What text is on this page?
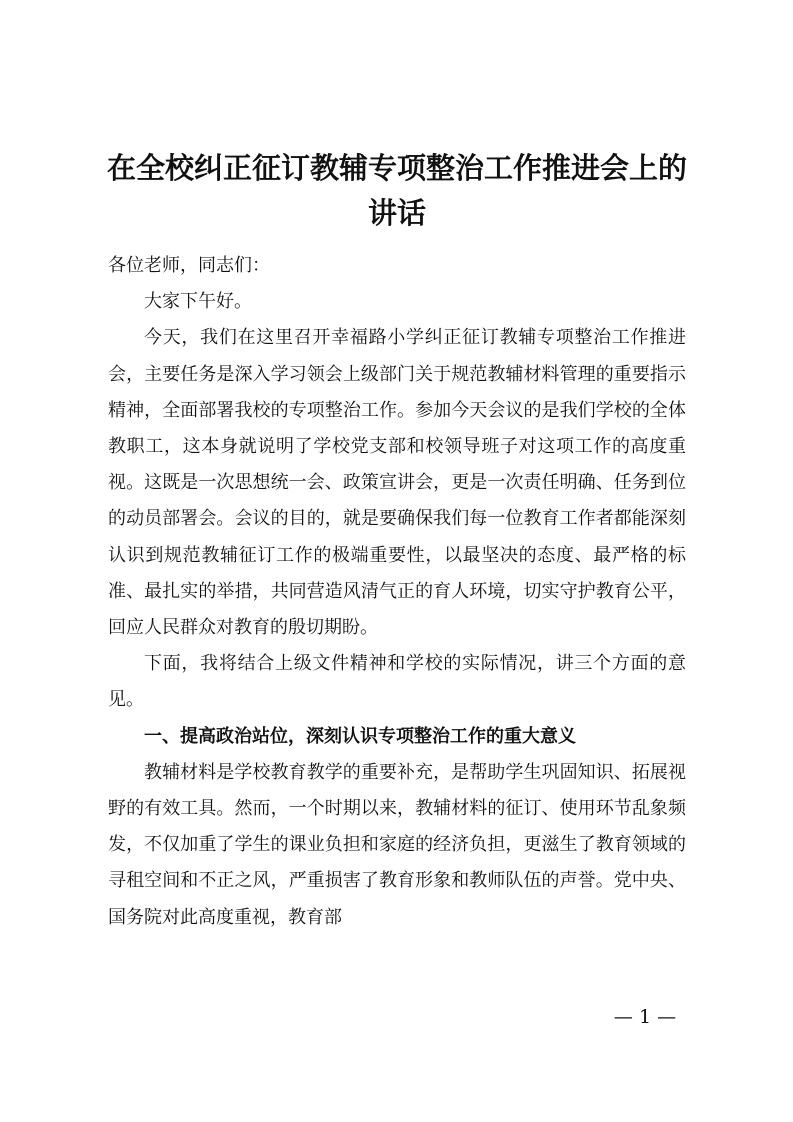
在全校纠正征订教辅专项整治工作推进会上的讲话

各位老师，同志们：

大家下午好。

今天，我们在这里召开幸福路小学纠正征订教辅专项整治工作推进会，主要任务是深入学习领会上级部门关于规范教辅材料管理的重要指示精神，全面部署我校的专项整治工作。参加今天会议的是我们学校的全体教职工，这本身就说明了学校党支部和校领导班子对这项工作的高度重视。这既是一次思想统一会、政策宣讲会，更是一次责任明确、任务到位的动员部署会。会议的目的，就是要确保我们每一位教育工作者都能深刻认识到规范教辅征订工作的极端重要性，以最坚决的态度、最严格的标准、最扎实的举措，共同营造风清气正的育人环境，切实守护教育公平，回应人民群众对教育的殷切期盼。

下面，我将结合上级文件精神和学校的实际情况，讲三个方面的意见。

一、提高政治站位，深刻认识专项整治工作的重大意义

教辅材料是学校教育教学的重要补充，是帮助学生巩固知识、拓展视野的有效工具。然而，一个时期以来，教辅材料的征订、使用环节乱象频发，不仅加重了学生的课业负担和家庭的经济负担，更滋生了教育领域的寻租空间和不正之风，严重损害了教育形象和教师队伍的声誉。党中央、国务院对此高度重视，教育部

— 1 —
